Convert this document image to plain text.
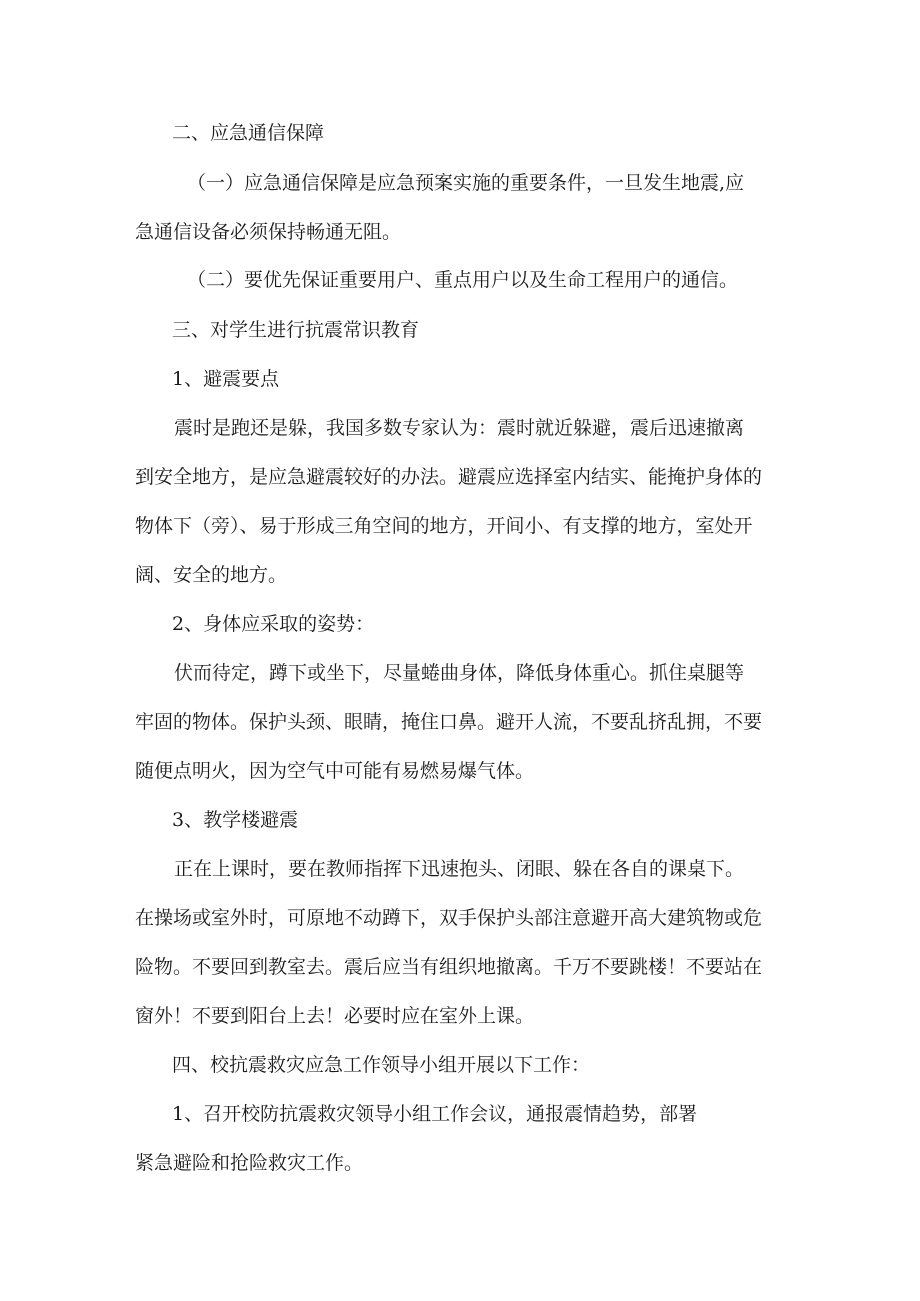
二、应急通信保障
（一）应急通信保障是应急预案实施的重要条件，一旦发生地震,应
急通信设备必须保持畅通无阻。
（二）要优先保证重要用户、重点用户以及生命工程用户的通信。
三、对学生进行抗震常识教育
1、避震要点
震时是跑还是躲，我国多数专家认为：震时就近躲避，震后迅速撤离
到安全地方，是应急避震较好的办法。避震应选择室内结实、能掩护身体的
物体下（旁）、易于形成三角空间的地方，开间小、有支撑的地方，室处开
阔、安全的地方。
2、身体应采取的姿势：
伏而待定，蹲下或坐下，尽量蜷曲身体，降低身体重心。抓住桌腿等
牢固的物体。保护头颈、眼睛，掩住口鼻。避开人流，不要乱挤乱拥，不要
随便点明火，因为空气中可能有易燃易爆气体。
3、教学楼避震
正在上课时，要在教师指挥下迅速抱头、闭眼、躲在各自的课桌下。
在操场或室外时，可原地不动蹲下，双手保护头部注意避开高大建筑物或危
险物。不要回到教室去。震后应当有组织地撤离。千万不要跳楼！不要站在
窗外！不要到阳台上去！必要时应在室外上课。
四、校抗震救灾应急工作领导小组开展以下工作：
1、召开校防抗震救灾领导小组工作会议，通报震情趋势，部署
紧急避险和抢险救灾工作。
